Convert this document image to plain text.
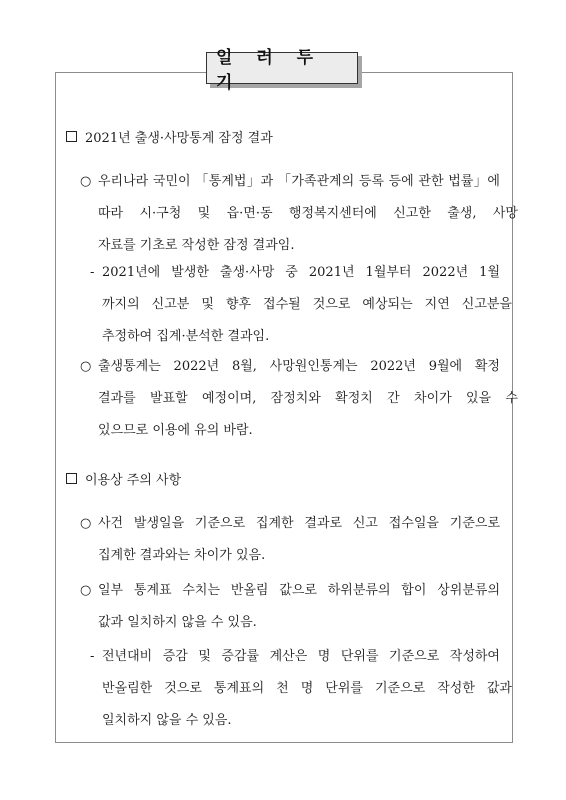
일 러 두 기
2021년 출생·사망통계 잠정 결과
○ 우리나라 국민이 「통계법」과 「가족관계의 등록 등에 관한 법률」에
따라 시·구청 및 읍·면·동 행정복지센터에 신고한 출생, 사망
자료를 기초로 작성한 잠정 결과임.
- 2021년에 발생한 출생·사망 중 2021년 1월부터 2022년 1월
까지의 신고분 및 향후 접수될 것으로 예상되는 지연 신고분을
추정하여 집계·분석한 결과임.
○ 출생통계는 2022년 8월, 사망원인통계는 2022년 9월에 확정
결과를 발표할 예정이며, 잠정치와 확정치 간 차이가 있을 수
있으므로 이용에 유의 바람.
이용상 주의 사항
○ 사건 발생일을 기준으로 집계한 결과로 신고 접수일을 기준으로
집계한 결과와는 차이가 있음.
○ 일부 통계표 수치는 반올림 값으로 하위분류의 합이 상위분류의
값과 일치하지 않을 수 있음.
- 전년대비 증감 및 증감률 계산은 명 단위를 기준으로 작성하여
반올림한 것으로 통계표의 천 명 단위를 기준으로 작성한 값과
일치하지 않을 수 있음.
